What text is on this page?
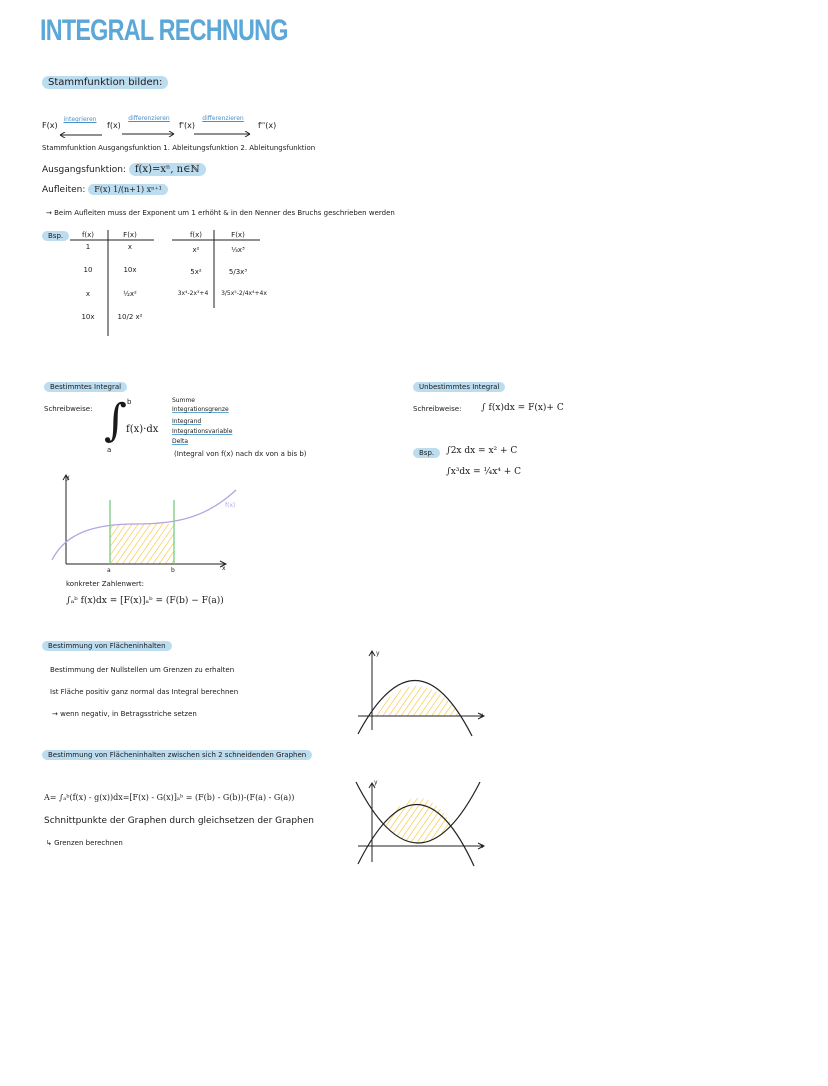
INTEGRAL RECHNUNG
Stammfunktion bilden:
F(x)
integrieren
f(x)
differenzieren
f'(x)
differenzieren
f''(x)
Stammfunktion Ausgangsfunktion 1. Ableitungsfunktion 2. Ableitungsfunktion
Ausgangsfunktion: f(x)=xⁿ, n∈ℕ
Aufleiten: F(x) 1/(n+1) xⁿ⁺¹
→ Beim Aufleiten muss der Exponent um 1 erhöht & in den Nenner des Bruchs geschrieben werden
Bsp.	f(x)	F(x)
1	x
10	10x
x	½x²
10x	10/2 x²
f(x)	F(x)
x²	⅓x³
5x²	5/3x³
3x⁴-2x³+4	3/5x⁵-2/4x⁴+4x
Bestimmtes Integral
Schreibweise: ∫ b
a
f(x)·dx
Summe
Integrationsgrenze
Integrand
Integrationsvariable
Delta
(Integral von f(x) nach dx von a bis b)
y
x
a	b
f(x)
konkreter Zahlenwert:
∫ₐᵇ f(x)dx = [F(x)]ₐᵇ = (F(b) − F(a))
Unbestimmtes Integral
Schreibweise: ∫ f(x)dx = F(x)+ C
Bsp.	∫2x dx = x² + C
∫x³dx = ¼x⁴ + C
Bestimmung von Flächeninhalten
Bestimmung der Nullstellen um Grenzen zu erhalten
Ist Fläche positiv ganz normal das Integral berechnen
→ wenn negativ, in Betragsstriche setzen
y
x
Bestimmung von Flächeninhalten zwischen sich 2 schneidenden Graphen
A= ∫ₐᵇ(f(x) - g(x))dx=[F(x) - G(x)]ₐᵇ = (F(b) - G(b))-(F(a) - G(a))
Schnittpunkte der Graphen durch gleichsetzen der Graphen
↳ Grenzen berechnen
y
x
